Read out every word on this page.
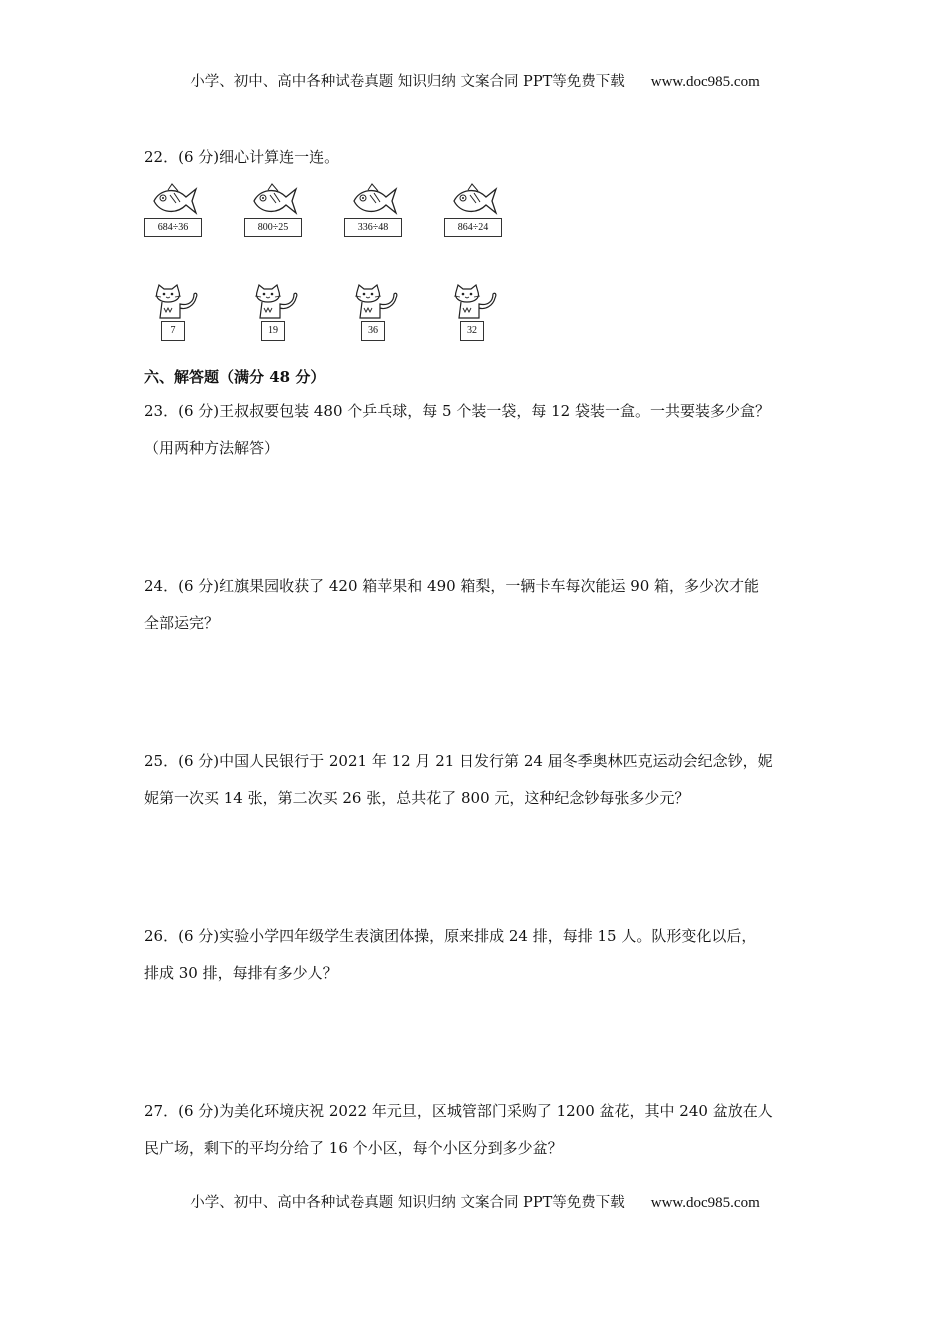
小学、初中、高中各种试卷真题 知识归纳 文案合同 PPT等免费下载 www.doc985.com
22．(6 分)细心计算连一连。
684÷36	800÷25	336÷48	864÷24
7	19	36	32
六、解答题（满分 48 分）
23．(6 分)王叔叔要包装 480 个乒乓球，每 5 个装一袋，每 12 袋装一盒。一共要装多少盒？
（用两种方法解答）
24．(6 分)红旗果园收获了 420 箱苹果和 490 箱梨，一辆卡车每次能运 90 箱，多少次才能
全部运完？
25．(6 分)中国人民银行于 2021 年 12 月 21 日发行第 24 届冬季奥林匹克运动会纪念钞，妮
妮第一次买 14 张，第二次买 26 张，总共花了 800 元，这种纪念钞每张多少元？
26．(6 分)实验小学四年级学生表演团体操，原来排成 24 排，每排 15 人。队形变化以后，
排成 30 排，每排有多少人？
27．(6 分)为美化环境庆祝 2022 年元旦，区城管部门采购了 1200 盆花，其中 240 盆放在人
民广场，剩下的平均分给了 16 个小区，每个小区分到多少盆？
小学、初中、高中各种试卷真题 知识归纳 文案合同 PPT等免费下载 www.doc985.com
